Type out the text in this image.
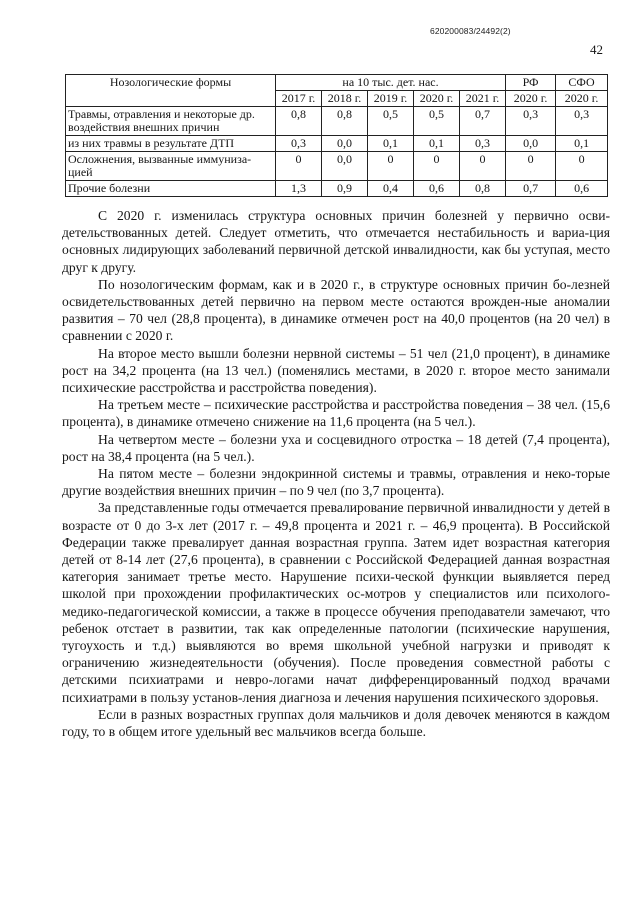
620200083/24492(2)
42
Нозологические формы	на 10 тыс. дет. нас.					РФ	СФО
	2017 г.	2018 г.	2019 г.	2020 г.	2021 г.	2020 г.	2020 г.
Травмы, отравления и некоторые др. воздействия внешних причин	0,8	0,8	0,5	0,5	0,7	0,3	0,3
из них травмы в результате ДТП	0,3	0,0	0,1	0,1	0,3	0,0	0,1
Осложнения, вызванные иммуниза-цией	0	0,0	0	0	0	0	0
Прочие болезни	1,3	0,9	0,4	0,6	0,8	0,7	0,6

С 2020 г. изменилась структура основных причин болезней у первично осви-детельствованных детей. Следует отметить, что отмечается нестабильность и вариа-ция основных лидирующих заболеваний первичной детской инвалидности, как бы уступая, место друг к другу.

По нозологическим формам, как и в 2020 г., в структуре основных причин бо-лезней освидетельствованных детей первично на первом месте остаются врожден-ные аномалии развития – 70 чел (28,8 процента), в динамике отмечен рост на 40,0 процентов (на 20 чел) в сравнении с 2020 г.

На второе место вышли болезни нервной системы – 51 чел (21,0 процент), в динамике рост на 34,2 процента (на 13 чел.) (поменялись местами, в 2020 г. второе место занимали психические расстройства и расстройства поведения).

На третьем месте – психические расстройства и расстройства поведения – 38 чел. (15,6 процента), в динамике отмечено снижение на 11,6 процента (на 5 чел.).

На четвертом месте – болезни уха и сосцевидного отростка – 18 детей (7,4 процента), рост на 38,4 процента (на 5 чел.).

На пятом месте – болезни эндокринной системы и травмы, отравления и неко-торые другие воздействия внешних причин – по 9 чел (по 3,7 процента).

За представленные годы отмечается превалирование первичной инвалидности у детей в возрасте от 0 до 3-х лет (2017 г. – 49,8 процента и 2021 г. – 46,9 процента). В Российской Федерации также превалирует данная возрастная группа. Затем идет возрастная категория детей от 8-14 лет (27,6 процента), в сравнении с Российской Федерацией данная возрастная категория занимает третье место. Нарушение психи-ческой функции выявляется перед школой при прохождении профилактических ос-мотров у специалистов или психолого-медико-педагогической комиссии, а также в процессе обучения преподаватели замечают, что ребенок отстает в развитии, так как определенные патологии (психические нарушения, тугоухость и т.д.) выявляются во время школьной учебной нагрузки и приводят к ограничению жизнедеятельности (обучения). После проведения совместной работы с детскими психиатрами и невро-логами начат дифференцированный подход врачами психиатрами в пользу установ-ления диагноза и лечения нарушения психического здоровья.

Если в разных возрастных группах доля мальчиков и доля девочек меняются в каждом году, то в общем итоге удельный вес мальчиков всегда больше.
